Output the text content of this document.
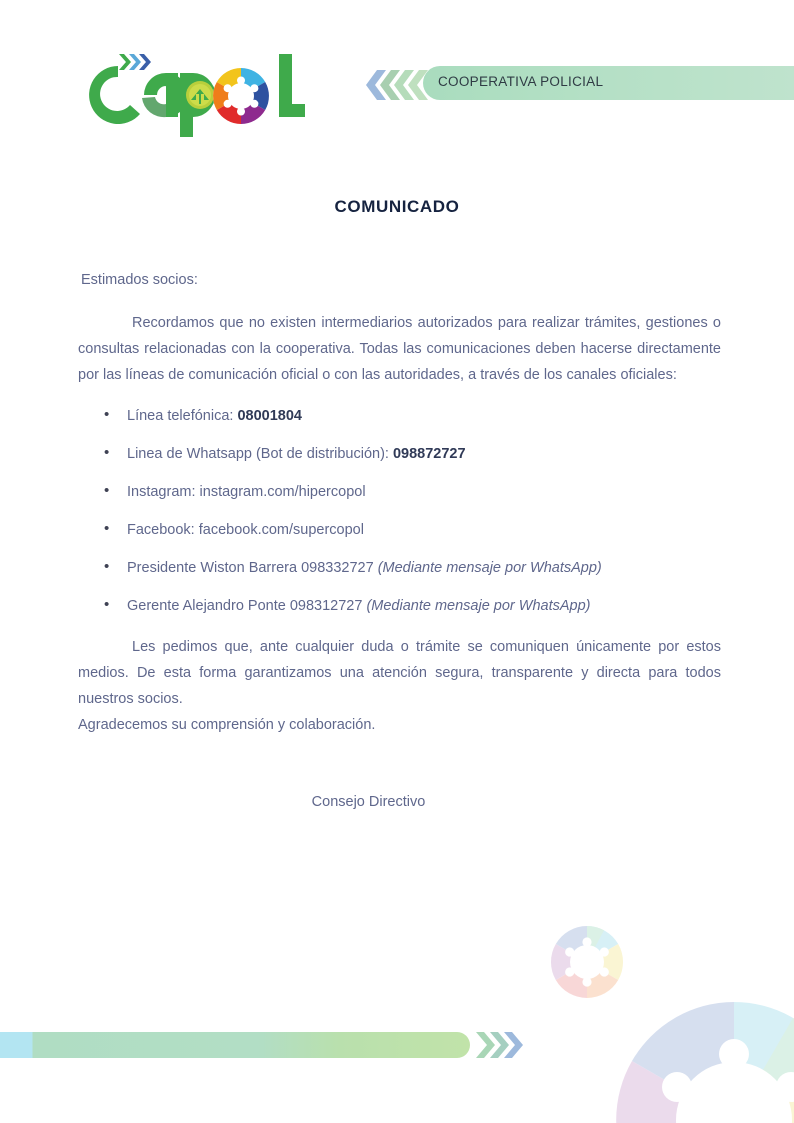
COOPERATIVA POLICIAL
COMUNICADO
Estimados socios:

Recordamos que no existen intermediarios autorizados para realizar trámites, gestiones o consultas relacionadas con la cooperativa. Todas las comunicaciones deben hacerse directamente por las líneas de comunicación oficial o con las autoridades, a través de los canales oficiales:

• Línea telefónica: 08001804
• Linea de Whatsapp (Bot de distribución): 098872727
• Instagram: instagram.com/hipercopol
• Facebook: facebook.com/supercopol
• Presidente Wiston Barrera 098332727 (Mediante mensaje por WhatsApp)
• Gerente Alejandro Ponte 098312727 (Mediante mensaje por WhatsApp)

Les pedimos que, ante cualquier duda o trámite se comuniquen únicamente por estos medios. De esta forma garantizamos una atención segura, transparente y directa para todos nuestros socios.

Agradecemos su comprensión y colaboración.

Consejo Directivo
